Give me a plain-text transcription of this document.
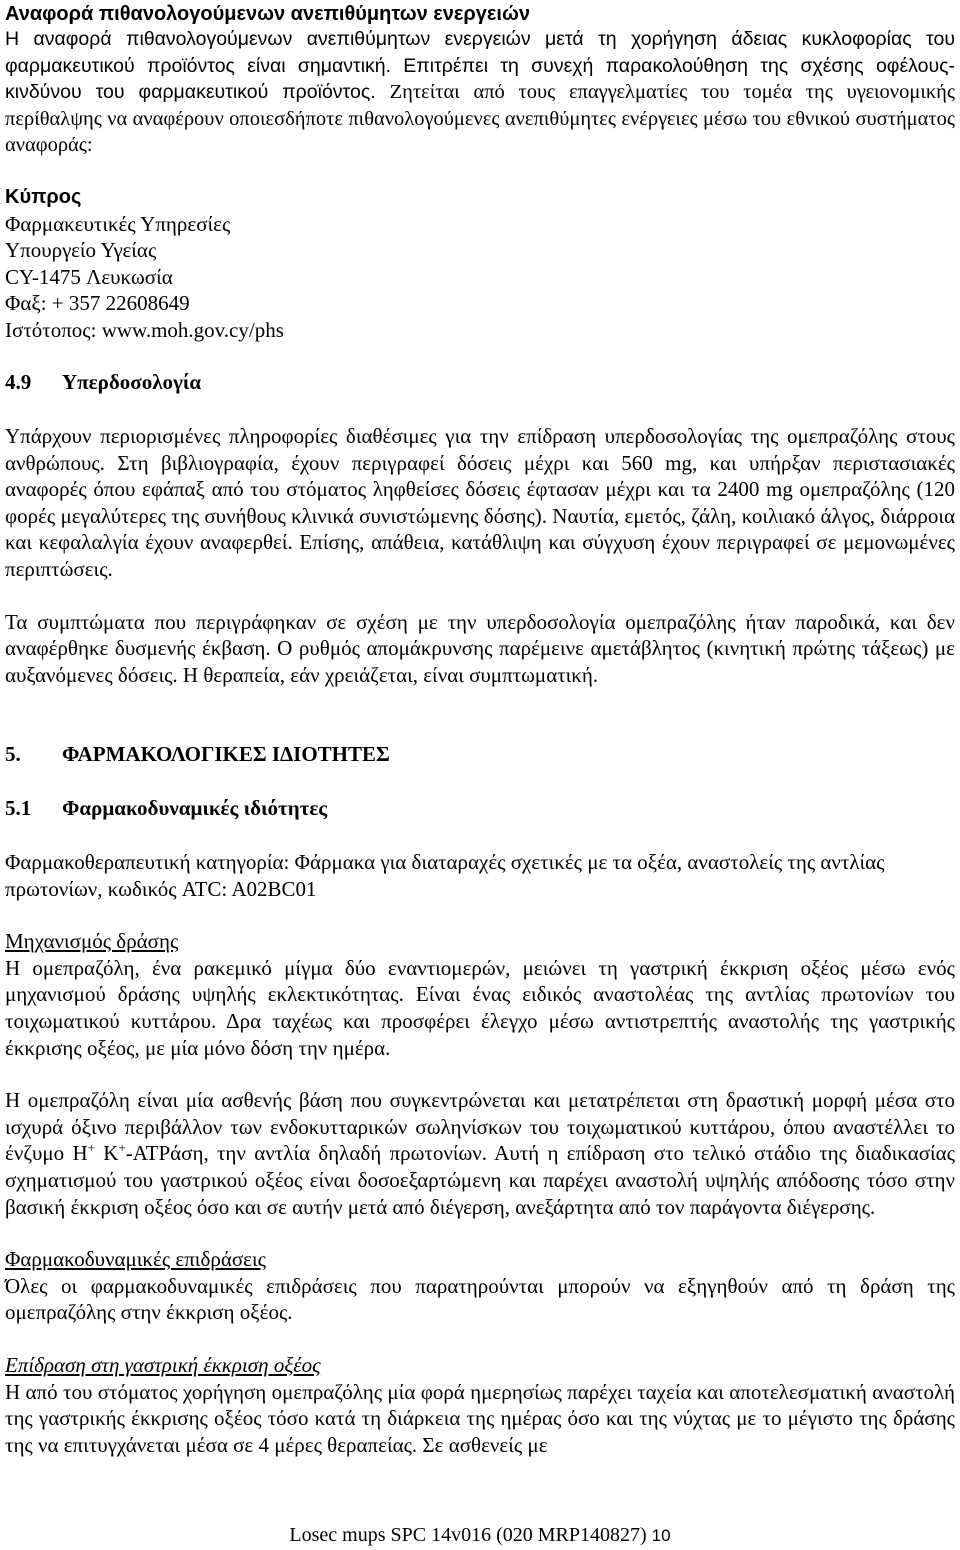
Αναφορά πιθανολογούμενων ανεπιθύμητων ενεργειών

Η αναφορά πιθανολογούμενων ανεπιθύμητων ενεργειών μετά τη χορήγηση άδειας κυκλοφορίας του φαρμακευτικού προϊόντος είναι σημαντική. Επιτρέπει τη συνεχή παρακολούθηση της σχέσης οφέλους-κινδύνου του φαρμακευτικού προϊόντος. Ζητείται από τους επαγγελματίες του τομέα της υγειονομικής περίθαλψης να αναφέρουν οποιεσδήποτε πιθανολογούμενες ανεπιθύμητες ενέργειες μέσω του εθνικού συστήματος αναφοράς:

Κύπρος

Φαρμακευτικές Υπηρεσίες

Υπουργείο Υγείας

CY-1475 Λευκωσία

Φαξ: + 357 22608649

Ιστότοπος: www.moh.gov.cy/phs

4.9 Υπερδοσολογία

Υπάρχουν περιορισμένες πληροφορίες διαθέσιμες για την επίδραση υπερδοσολογίας της ομεπραζόλης στους ανθρώπους. Στη βιβλιογραφία, έχουν περιγραφεί δόσεις μέχρι και 560 mg, και υπήρξαν περιστασιακές αναφορές όπου εφάπαξ από του στόματος ληφθείσες δόσεις έφτασαν μέχρι και τα 2400 mg ομεπραζόλης (120 φορές μεγαλύτερες της συνήθους κλινικά συνιστώμενης δόσης). Ναυτία, εμετός, ζάλη, κοιλιακό άλγος, διάρροια και κεφαλαλγία έχουν αναφερθεί. Επίσης, απάθεια, κατάθλιψη και σύγχυση έχουν περιγραφεί σε μεμονωμένες περιπτώσεις.

Τα συμπτώματα που περιγράφηκαν σε σχέση με την υπερδοσολογία ομεπραζόλης ήταν παροδικά, και δεν αναφέρθηκε δυσμενής έκβαση. Ο ρυθμός απομάκρυνσης παρέμεινε αμετάβλητος (κινητική πρώτης τάξεως) με αυξανόμενες δόσεις. Η θεραπεία, εάν χρειάζεται, είναι συμπτωματική.

5. ΦΑΡΜΑΚΟΛΟΓΙΚΕΣ ΙΔΙΟΤΗΤΕΣ

5.1 Φαρμακοδυναμικές ιδιότητες

Φαρμακοθεραπευτική κατηγορία: Φάρμακα για διαταραχές σχετικές με τα οξέα, αναστολείς της αντλίας πρωτονίων, κωδικός ATC: A02BC01

Μηχανισμός δράσης

Η ομεπραζόλη, ένα ρακεμικό μίγμα δύο εναντιομερών, μειώνει τη γαστρική έκκριση οξέος μέσω ενός μηχανισμού δράσης υψηλής εκλεκτικότητας. Είναι ένας ειδικός αναστολέας της αντλίας πρωτονίων του τοιχωματικού κυττάρου. Δρα ταχέως και προσφέρει έλεγχο μέσω αντιστρεπτής αναστολής της γαστρικής έκκρισης οξέος, με μία μόνο δόση την ημέρα.

Η ομεπραζόλη είναι μία ασθενής βάση που συγκεντρώνεται και μετατρέπεται στη δραστική μορφή μέσα στο ισχυρά όξινο περιβάλλον των ενδοκυτταρικών σωληνίσκων του τοιχωματικού κυττάρου, όπου αναστέλλει το ένζυμο H+ K+-ATPάση, την αντλία δηλαδή πρωτονίων. Αυτή η επίδραση στο τελικό στάδιο της διαδικασίας σχηματισμού του γαστρικού οξέος είναι δοσοεξαρτώμενη και παρέχει αναστολή υψηλής απόδοσης τόσο στην βασική έκκριση οξέος όσο και σε αυτήν μετά από διέγερση, ανεξάρτητα από τον παράγοντα διέγερσης.

Φαρμακοδυναμικές επιδράσεις

Όλες οι φαρμακοδυναμικές επιδράσεις που παρατηρούνται μπορούν να εξηγηθούν από τη δράση της ομεπραζόλης στην έκκριση οξέος.

Επίδραση στη γαστρική έκκριση οξέος

Η από του στόματος χορήγηση ομεπραζόλης μία φορά ημερησίως παρέχει ταχεία και αποτελεσματική αναστολή της γαστρικής έκκρισης οξέος τόσο κατά τη διάρκεια της ημέρας όσο και της νύχτας με το μέγιστο της δράσης της να επιτυγχάνεται μέσα σε 4 μέρες θεραπείας. Σε ασθενείς με

Losec mups SPC 14v016 (020 MRP140827) 10
